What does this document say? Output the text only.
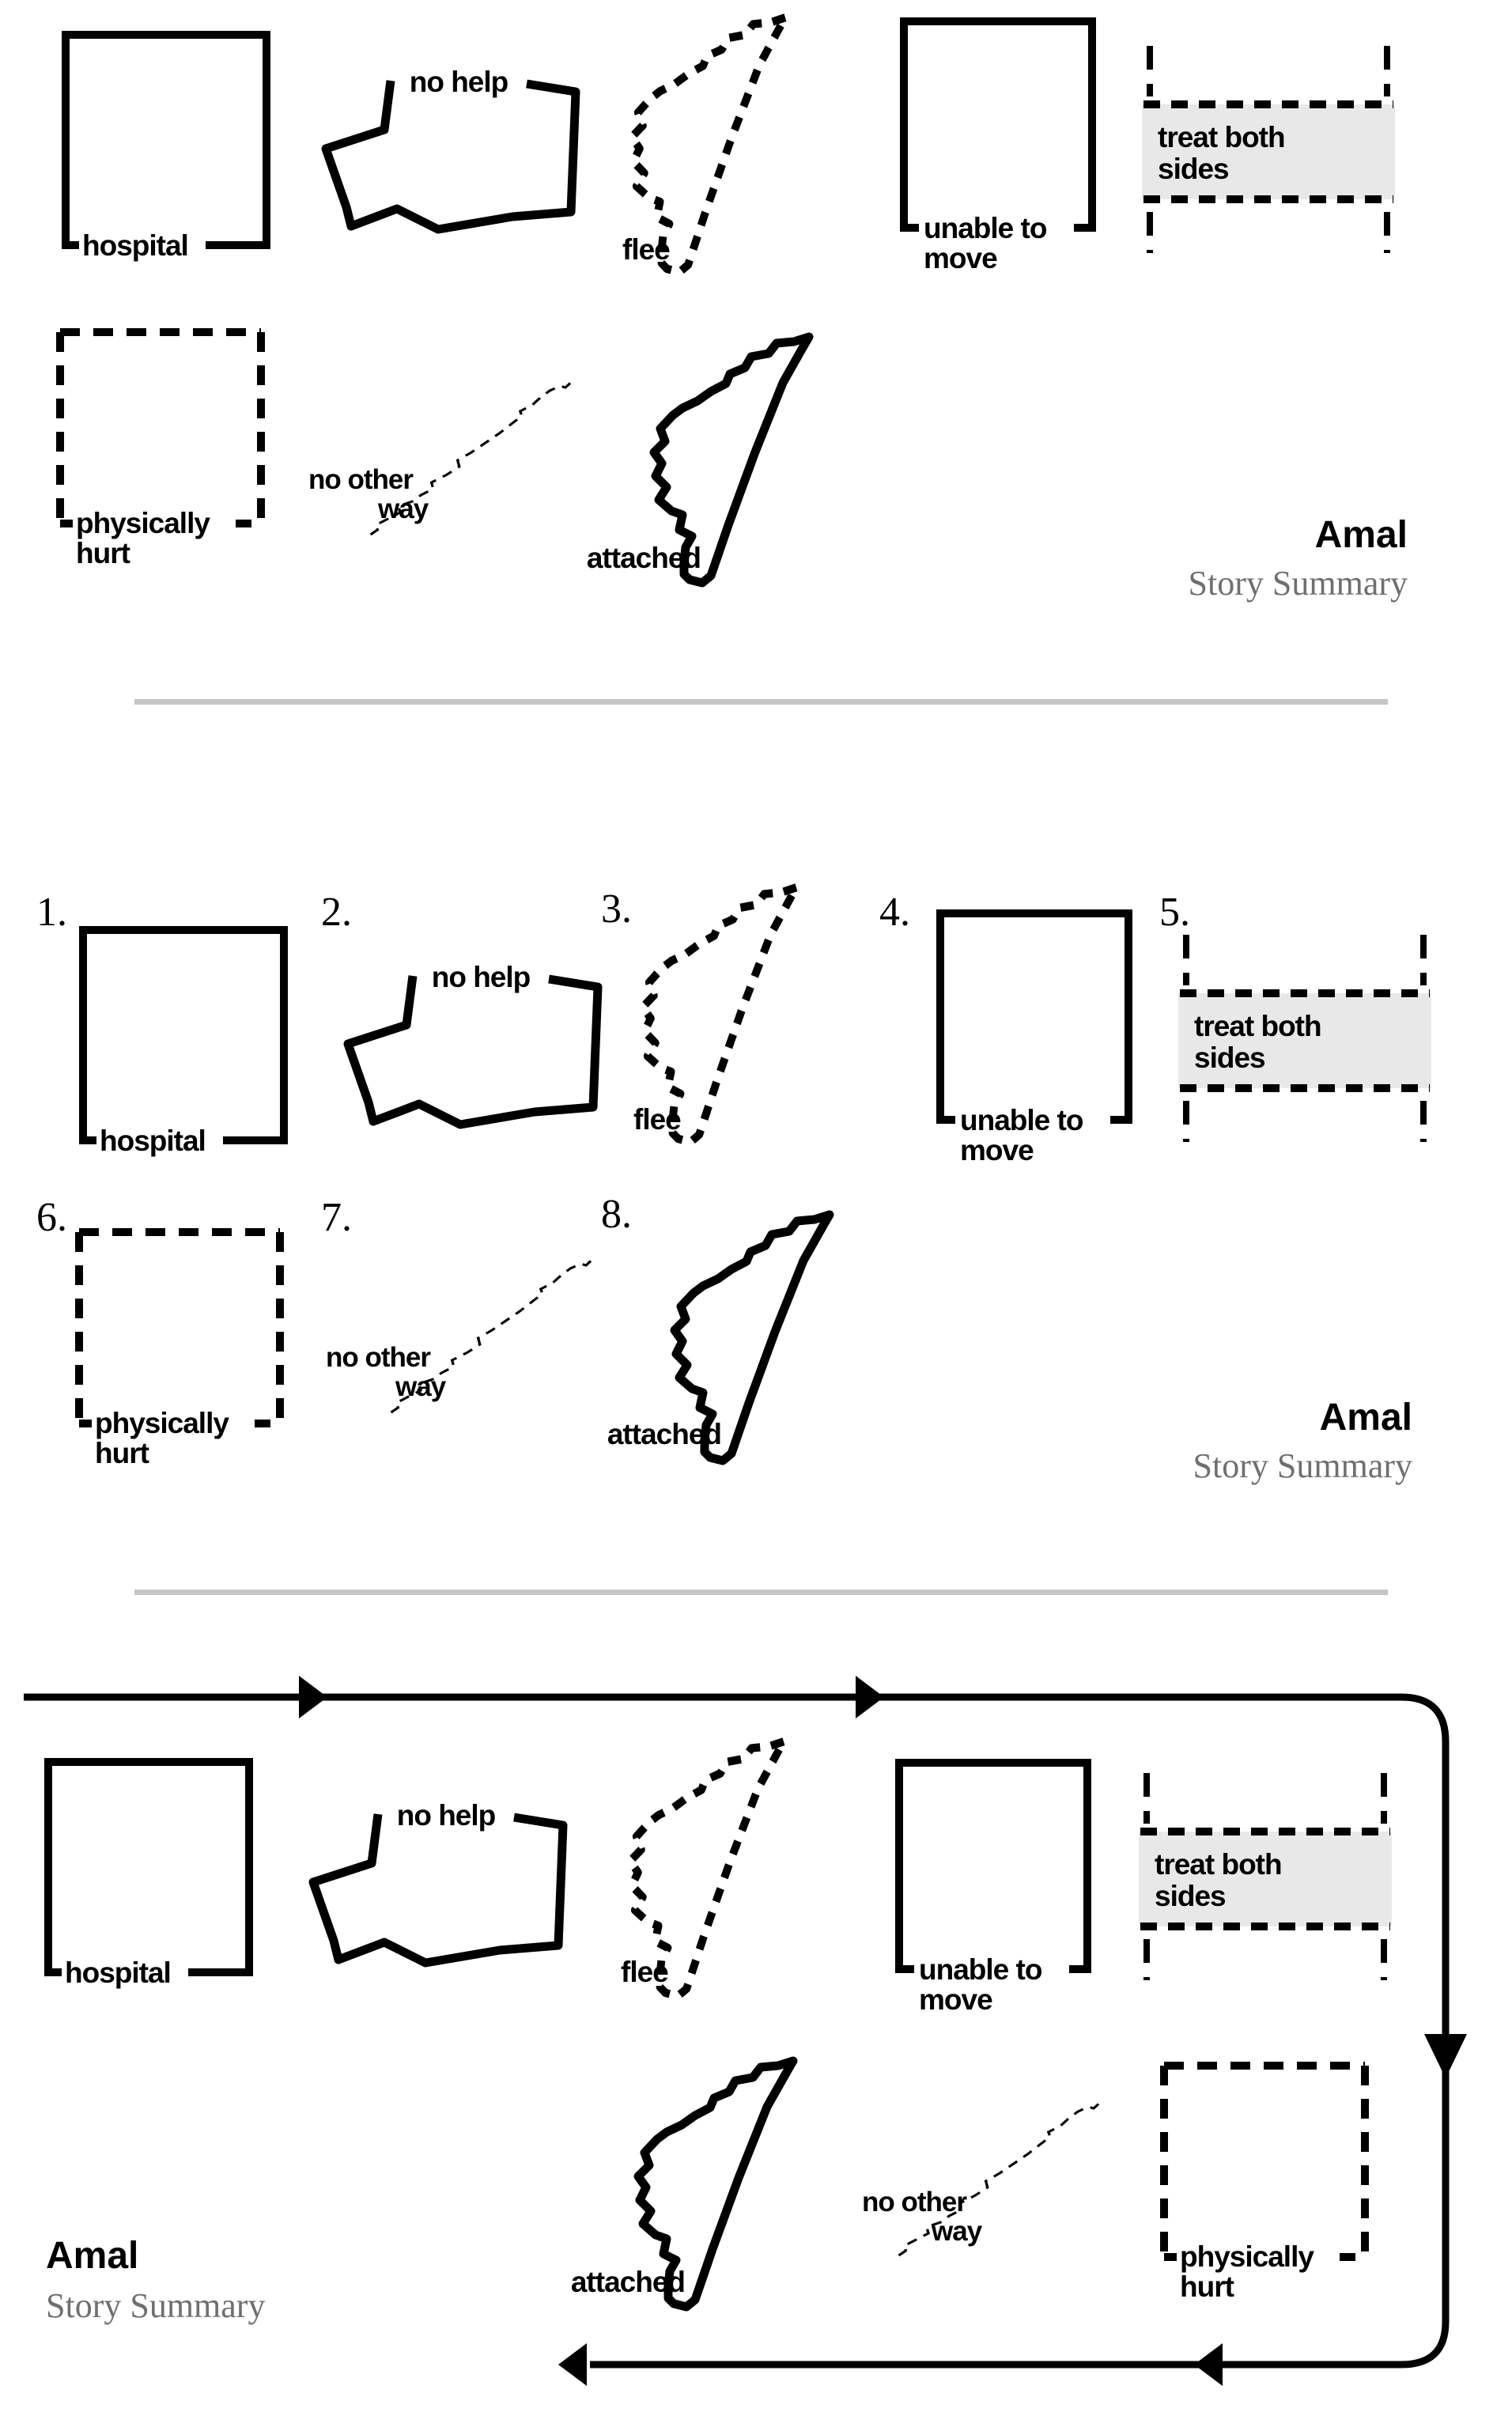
hospital
no help
flee
unable to
move
treat both
sides
physically
hurt
no other
way
attached
Amal
Story Summary
1.	2.	3.	4.	5.
hospital
no help
flee	unable to
move
treat both
sides
6.	7.	8.
physically
hurt
no other
way
attached	Amal
Story Summary
hospital
no help
flee	unable to
move
treat both
sides
attached
no other
way
physically
hurt
Amal
Story Summary
